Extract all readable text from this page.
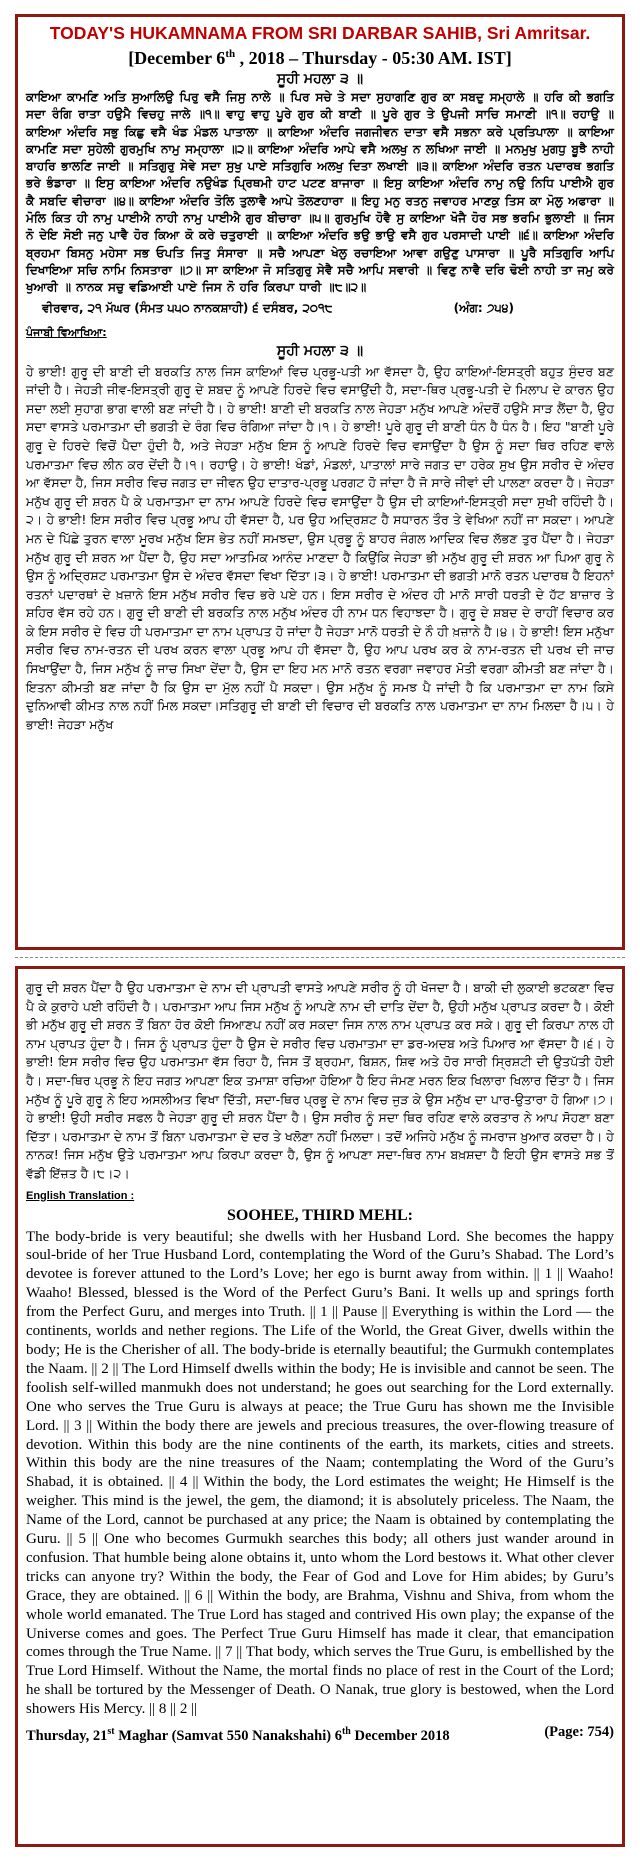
TODAY'S HUKAMNAMA FROM SRI DARBAR SAHIB, Sri Amritsar.
[December 6th , 2018 – Thursday - 05:30 AM. IST]
ਸੂਹੀ ਮਹਲਾ ੩ ॥
ਕਾਇਆ ਕਾਮਣਿ ਅਤਿ ਸੁਆਲਿਉ ਪਿਰੁ ਵਸੈ ਜਿਸੁ ਨਾਲੇ ॥ ਪਿਰ ਸਚੇ ਤੇ ਸਦਾ ਸੁਹਾਗਣਿ ਗੁਰ ਕਾ ਸਬਦੁ ਸਮ੍ਹਾਲੇ ॥ ਹਰਿ ਕੀ ਭਗਤਿ ਸਦਾ ਰੰਗਿ ਰਾਤਾ ਹਉਮੈ ਵਿਚਹੁ ਜਾਲੇ ॥੧॥ ਵਾਹੁ ਵਾਹੁ ਪੂਰੇ ਗੁਰ ਕੀ ਬਾਣੀ ॥ ਪੂਰੇ ਗੁਰ ਤੇ ਉਪਜੀ ਸਾਚਿ ਸਮਾਣੀ ॥੧॥ ਰਹਾਉ ॥ ਕਾਇਆ ਅੰਦਰਿ ਸਭੁ ਕਿਛੁ ਵਸੈ ਖੰਡ ਮੰਡਲ ਪਾਤਾਲਾ ॥ ਕਾਇਆ ਅੰਦਰਿ ਜਗਜੀਵਨ ਦਾਤਾ ਵਸੈ ਸਭਨਾ ਕਰੇ ਪ੍ਰਤਿਪਾਲਾ ॥ ਕਾਇਆ ਕਾਮਣਿ ਸਦਾ ਸੁਹੇਲੀ ਗੁਰਮੁਖਿ ਨਾਮੁ ਸਮ੍ਹਾਲਾ ॥੨॥ ਕਾਇਆ ਅੰਦਰਿ ਆਪੇ ਵਸੈ ਅਲਖੁ ਨ ਲਖਿਆ ਜਾਈ ॥ ਮਨਮੁਖੁ ਮੁਗਧੁ ਬੂਝੈ ਨਾਹੀ ਬਾਹਰਿ ਭਾਲਣਿ ਜਾਈ ॥ ਸਤਿਗੁਰੁ ਸੇਵੇ ਸਦਾ ਸੁਖੁ ਪਾਏ ਸਤਿਗੁਰਿ ਅਲਖੁ ਦਿਤਾ ਲਖਾਈ ॥੩॥ ਕਾਇਆ ਅੰਦਰਿ ਰਤਨ ਪਦਾਰਥ ਭਗਤਿ ਭਰੇ ਭੰਡਾਰਾ ॥ ਇਸੁ ਕਾਇਆ ਅੰਦਰਿ ਨਉਖੰਡ ਪ੍ਰਿਥਮੀ ਹਾਟ ਪਟਣ ਬਾਜਾਰਾ ॥ ਇਸੁ ਕਾਇਆ ਅੰਦਰਿ ਨਾਮੁ ਨਉ ਨਿਧਿ ਪਾਈਐ ਗੁਰ ਕੈ ਸਬਦਿ ਵੀਚਾਰਾ ॥੪॥ ਕਾਇਆ ਅੰਦਰਿ ਤੋਲਿ ਤੁਲਾਵੈ ਆਪੇ ਤੋਲਣਹਾਰਾ ॥ ਇਹੁ ਮਨੁ ਰਤਨੁ ਜਵਾਹਰ ਮਾਣਕੁ ਤਿਸ ਕਾ ਮੋਲੁ ਅਫਾਰਾ ॥ ਮੋਲਿ ਕਿਤ ਹੀ ਨਾਮੁ ਪਾਈਐ ਨਾਹੀ ਨਾਮੁ ਪਾਈਐ ਗੁਰ ਬੀਚਾਰਾ ॥੫॥ ਗੁਰਮੁਖਿ ਹੋਵੈ ਸੁ ਕਾਇਆ ਖੋਜੈ ਹੋਰ ਸਭ ਭਰਮਿ ਭੁਲਾਈ ॥ ਜਿਸ ਨੋ ਦੇਇ ਸੋਈ ਜਨੁ ਪਾਵੈ ਹੋਰ ਕਿਆ ਕੋ ਕਰੇ ਚਤੁਰਾਈ ॥ ਕਾਇਆ ਅੰਦਰਿ ਭਉ ਭਾਉ ਵਸੈ ਗੁਰ ਪਰਸਾਦੀ ਪਾਈ ॥੬॥ ਕਾਇਆ ਅੰਦਰਿ ਬ੍ਰਹਮਾ ਬਿਸਨੁ ਮਹੇਸਾ ਸਭ ਓਪਤਿ ਜਿਤੁ ਸੰਸਾਰਾ ॥ ਸਚੈ ਆਪਣਾ ਖੇਲੁ ਰਚਾਇਆ ਆਵਾ ਗਉਣੁ ਪਾਸਾਰਾ ॥ ਪੂਰੈ ਸਤਿਗੁਰਿ ਆਪਿ ਦਿਖਾਇਆ ਸਚਿ ਨਾਮਿ ਨਿਸਤਾਰਾ ॥੭॥ ਸਾ ਕਾਇਆ ਜੋ ਸਤਿਗੁਰੁ ਸੇਵੈ ਸਚੈ ਆਪਿ ਸਵਾਰੀ ॥ ਵਿਣੁ ਨਾਵੈ ਦਰਿ ਢੋਈ ਨਾਹੀ ਤਾ ਜਮੁ ਕਰੇ ਖੁਆਰੀ ॥ ਨਾਨਕ ਸਚੁ ਵਡਿਆਈ ਪਾਏ ਜਿਸ ਨੋ ਹਰਿ ਕਿਰਪਾ ਧਾਰੀ ॥੮॥੨॥
ਵੀਰਵਾਰ, ੨੧ ਮੱਘਰ (ਸੰਮਤ ੫੫੦ ਨਾਨਕਸ਼ਾਹੀ) ੬ ਦਸੰਬਰ, ੨੦੧੮	(ਅੰਗ: ੭੫੪)
ਪੰਜਾਬੀ ਵਿਆਖਿਆ:
ਸੂਹੀ ਮਹਲਾ ੩ ॥
ਹੇ ਭਾਈ! ਗੁਰੂ ਦੀ ਬਾਣੀ ਦੀ ਬਰਕਤਿ ਨਾਲ ਜਿਸ ਕਾਇਆਂ ਵਿਚ ਪ੍ਰਭੂ-ਪਤੀ ਆ ਵੱਸਦਾ ਹੈ, ਉਹ ਕਾਇਆਂ-ਇਸਤ੍ਰੀ ਬਹੁਤ ਸੁੰਦਰ ਬਣ ਜਾਂਦੀ ਹੈ। ਜੇਹੜੀ ਜੀਵ-ਇਸਤ੍ਰੀ ਗੁਰੂ ਦੇ ਸ਼ਬਦ ਨੂੰ ਆਪਣੇ ਹਿਰਦੇ ਵਿਚ ਵਸਾਉਂਦੀ ਹੈ, ਸਦਾ-ਥਿਰ ਪ੍ਰਭੂ-ਪਤੀ ਦੇ ਮਿਲਾਪ ਦੇ ਕਾਰਨ ਉਹ ਸਦਾ ਲਈ ਸੁਹਾਗ ਭਾਗ ਵਾਲੀ ਬਣ ਜਾਂਦੀ ਹੈ। ਹੇ ਭਾਈ! ਬਾਣੀ ਦੀ ਬਰਕਤਿ ਨਾਲ ਜੇਹੜਾ ਮਨੁੱਖ ਆਪਣੇ ਅੰਦਰੋਂ ਹਉਮੈ ਸਾੜ ਲੈਂਦਾ ਹੈ, ਉਹ ਸਦਾ ਵਾਸਤੇ ਪਰਮਾਤਮਾ ਦੀ ਭਗਤੀ ਦੇ ਰੰਗ ਵਿਚ ਰੰਗਿਆ ਜਾਂਦਾ ਹੈ।੧। ਹੇ ਭਾਈ! ਪੂਰੇ ਗੁਰੂ ਦੀ ਬਾਣੀ ਧੰਨ ਹੈ ਧੰਨ ਹੈ। ਇਹ "ਬਾਣੀ ਪੂਰੇ ਗੁਰੂ ਦੇ ਹਿਰਦੇ ਵਿਚੋਂ ਪੈਦਾ ਹੁੰਦੀ ਹੈ, ਅਤੇ ਜੇਹੜਾ ਮਨੁੱਖ ਇਸ ਨੂੰ ਆਪਣੇ ਹਿਰਦੇ ਵਿਚ ਵਸਾਉਂਦਾ ਹੈ ਉਸ ਨੂੰ ਸਦਾ ਥਿਰ ਰਹਿਣ ਵਾਲੇ ਪਰਮਾਤਮਾ ਵਿਚ ਲੀਨ ਕਰ ਦੇਂਦੀ ਹੈ।੧। ਰਹਾਉ। ਹੇ ਭਾਈ! ਖੰਡਾਂ, ਮੰਡਲਾਂ, ਪਾਤਾਲਾਂ ਸਾਰੇ ਜਗਤ ਦਾ ਹਰੇਕ ਸੁਖ ਉਸ ਸਰੀਰ ਦੇ ਅੰਦਰ ਆ ਵੱਸਦਾ ਹੈ, ਜਿਸ ਸਰੀਰ ਵਿਚ ਜਗਤ ਦਾ ਜੀਵਨ ਉਹ ਦਾਤਾਰ-ਪ੍ਰਭੂ ਪਰਗਟ ਹੋ ਜਾਂਦਾ ਹੈ ਜੋ ਸਾਰੇ ਜੀਵਾਂ ਦੀ ਪਾਲਣਾ ਕਰਦਾ ਹੈ। ਜੇਹੜਾ ਮਨੁੱਖ ਗੁਰੂ ਦੀ ਸ਼ਰਨ ਪੈ ਕੇ ਪਰਮਾਤਮਾ ਦਾ ਨਾਮ ਆਪਣੇ ਹਿਰਦੇ ਵਿਚ ਵਸਾਉਂਦਾ ਹੈ ਉਸ ਦੀ ਕਾਇਆਂ-ਇਸਤ੍ਰੀ ਸਦਾ ਸੁਖੀ ਰਹਿੰਦੀ ਹੈ।੨। ਹੇ ਭਾਈ! ਇਸ ਸਰੀਰ ਵਿਚ ਪ੍ਰਭੂ ਆਪ ਹੀ ਵੱਸਦਾ ਹੈ, ਪਰ ਉਹ ਅਦ੍ਰਿਸ਼ਟ ਹੈ ਸਧਾਰਨ ਤੌਰ ਤੇ ਵੇਖਿਆ ਨਹੀਂ ਜਾ ਸਕਦਾ। ਆਪਣੇ ਮਨ ਦੇ ਪਿੱਛੇ ਤੁਰਨ ਵਾਲਾ ਮੂਰਖ ਮਨੁੱਖ ਇਸ ਭੇਤ ਨਹੀਂ ਸਮਝਦਾ, ਉਸ ਪ੍ਰਭੂ ਨੂੰ ਬਾਹਰ ਜੰਗਲ ਆਦਿਕ ਵਿਚ ਲੱਭਣ ਤੁਰ ਪੈਂਦਾ ਹੈ। ਜੇਹੜਾ ਮਨੁੱਖ ਗੁਰੂ ਦੀ ਸ਼ਰਨ ਆ ਪੈਂਦਾ ਹੈ, ਉਹ ਸਦਾ ਆਤਮਿਕ ਆਨੰਦ ਮਾਣਦਾ ਹੈ ਕਿਉਂਕਿ ਜੇਹੜਾ ਭੀ ਮਨੁੱਖ ਗੁਰੂ ਦੀ ਸ਼ਰਨ ਆ ਪਿਆ ਗੁਰੂ ਨੇ ਉਸ ਨੂੰ ਅਦ੍ਰਿਸ਼ਟ ਪਰਮਾਤਮਾ ਉਸ ਦੇ ਅੰਦਰ ਵੱਸਦਾ ਵਿਖਾ ਦਿੱਤਾ।੩। ਹੇ ਭਾਈ! ਪਰਮਾਤਮਾ ਦੀ ਭਗਤੀ ਮਾਨੋ ਰਤਨ ਪਦਾਰਥ ਹੈ ਇਹਨਾਂ ਰਤਨਾਂ ਪਦਾਰਥਾਂ ਦੇ ਖ਼ਜ਼ਾਨੇ ਇਸ ਮਨੁੱਖ ਸਰੀਰ ਵਿਚ ਭਰੇ ਪਏ ਹਨ। ਇਸ ਸਰੀਰ ਦੇ ਅੰਦਰ ਹੀ ਮਾਨੋ ਸਾਰੀ ਧਰਤੀ ਦੇ ਹੱਟ ਬਾਜ਼ਾਰ ਤੇ ਸ਼ਹਿਰ ਵੱਸ ਰਹੇ ਹਨ। ਗੁਰੂ ਦੀ ਬਾਣੀ ਦੀ ਬਰਕਤਿ ਨਾਲ ਮਨੁੱਖ ਅੰਦਰ ਹੀ ਨਾਮ ਧਨ ਵਿਹਾਝਦਾ ਹੈ। ਗੁਰੂ ਦੇ ਸ਼ਬਦ ਦੇ ਰਾਹੀਂ ਵਿਚਾਰ ਕਰ ਕੇ ਇਸ ਸਰੀਰ ਦੇ ਵਿਚ ਹੀ ਪਰਮਾਤਮਾ ਦਾ ਨਾਮ ਪ੍ਰਾਪਤ ਹੋ ਜਾਂਦਾ ਹੈ ਜੇਹੜਾ ਮਾਨੋ ਧਰਤੀ ਦੇ ਨੌ ਹੀ ਖ਼ਜ਼ਾਨੇ ਹੈ।੪। ਹੇ ਭਾਈ! ਇਸ ਮਨੁੱਖਾ ਸਰੀਰ ਵਿਚ ਨਾਮ-ਰਤਨ ਦੀ ਪਰਖ ਕਰਨ ਵਾਲਾ ਪ੍ਰਭੂ ਆਪ ਹੀ ਵੱਸਦਾ ਹੈ, ਉਹ ਆਪ ਪਰਖ ਕਰ ਕੇ ਨਾਮ-ਰਤਨ ਦੀ ਪਰਖ ਦੀ ਜਾਚ ਸਿਖਾਉਂਦਾ ਹੈ, ਜਿਸ ਮਨੁੱਖ ਨੂੰ ਜਾਚ ਸਿਖਾ ਦੇਂਦਾ ਹੈ, ਉਸ ਦਾ ਇਹ ਮਨ ਮਾਨੋ ਰਤਨ ਵਰਗਾ ਜਵਾਹਰ ਮੋਤੀ ਵਰਗਾ ਕੀਮਤੀ ਬਣ ਜਾਂਦਾ ਹੈ। ਇਤਨਾ ਕੀਮਤੀ ਬਣ ਜਾਂਦਾ ਹੈ ਕਿ ਉਸ ਦਾ ਮੁੱਲ ਨਹੀਂ ਪੈ ਸਕਦਾ। ਉਸ ਮਨੁੱਖ ਨੂੰ ਸਮਝ ਪੈ ਜਾਂਦੀ ਹੈ ਕਿ ਪਰਮਾਤਮਾ ਦਾ ਨਾਮ ਕਿਸੇ ਦੁਨਿਆਵੀ ਕੀਮਤ ਨਾਲ ਨਹੀਂ ਮਿਲ ਸਕਦਾ।ਸਤਿਗੁਰੂ ਦੀ ਬਾਣੀ ਦੀ ਵਿਚਾਰ ਦੀ ਬਰਕਤਿ ਨਾਲ ਪਰਮਾਤਮਾ ਦਾ ਨਾਮ ਮਿਲਦਾ ਹੈ।੫। ਹੇ ਭਾਈ! ਜੇਹੜਾ ਮਨੁੱਖ
ਗੁਰੂ ਦੀ ਸ਼ਰਨ ਪੈਂਦਾ ਹੈ ਉਹ ਪਰਮਾਤਮਾ ਦੇ ਨਾਮ ਦੀ ਪ੍ਰਾਪਤੀ ਵਾਸਤੇ ਆਪਣੇ ਸਰੀਰ ਨੂੰ ਹੀ ਖੋਜਦਾ ਹੈ। ਬਾਕੀ ਦੀ ਲੁਕਾਈ ਭਟਕਣਾ ਵਿਚ ਪੈ ਕੇ ਕੁਰਾਹੇ ਪਈ ਰਹਿੰਦੀ ਹੈ। ਪਰਮਾਤਮਾ ਆਪ ਜਿਸ ਮਨੁੱਖ ਨੂੰ ਆਪਣੇ ਨਾਮ ਦੀ ਦਾਤਿ ਦੇਂਦਾ ਹੈ, ਉਹੀ ਮਨੁੱਖ ਪ੍ਰਾਪਤ ਕਰਦਾ ਹੈ। ਕੋਈ ਭੀ ਮਨੁੱਖ ਗੁਰੂ ਦੀ ਸ਼ਰਨ ਤੋਂ ਬਿਨਾ ਹੋਰ ਕੋਈ ਸਿਆਣਪ ਨਹੀਂ ਕਰ ਸਕਦਾ ਜਿਸ ਨਾਲ ਨਾਮ ਪ੍ਰਾਪਤ ਕਰ ਸਕੇ। ਗੁਰੂ ਦੀ ਕਿਰਪਾ ਨਾਲ ਹੀ ਨਾਮ ਪ੍ਰਾਪਤ ਹੁੰਦਾ ਹੈ। ਜਿਸ ਨੂੰ ਪ੍ਰਾਪਤ ਹੁੰਦਾ ਹੈ ਉਸ ਦੇ ਸਰੀਰ ਵਿਚ ਪਰਮਾਤਮਾ ਦਾ ਡਰ-ਅਦਬ ਅਤੇ ਪਿਆਰ ਆ ਵੱਸਦਾ ਹੈ।੬। ਹੇ ਭਾਈ! ਇਸ ਸਰੀਰ ਵਿਚ ਉਹ ਪਰਮਾਤਮਾ ਵੱਸ ਰਿਹਾ ਹੈ, ਜਿਸ ਤੋਂ ਬ੍ਰਹਮਾ, ਬਿਸ਼ਨ, ਸ਼ਿਵ ਅਤੇ ਹੋਰ ਸਾਰੀ ਸ੍ਰਿਸ਼ਟੀ ਦੀ ਉਤਪੱਤੀ ਹੋਈ ਹੈ। ਸਦਾ-ਥਿਰ ਪ੍ਰਭੂ ਨੇ ਇਹ ਜਗਤ ਆਪਣਾ ਇਕ ਤਮਾਸ਼ਾ ਰਚਿਆ ਹੋਇਆ ਹੈ ਇਹ ਜੰਮਣ ਮਰਨ ਇਕ ਖਿਲਾਰਾ ਖਿਲਾਰ ਦਿੱਤਾ ਹੈ। ਜਿਸ ਮਨੁੱਖ ਨੂੰ ਪੂਰੇ ਗੁਰੂ ਨੇ ਇਹ ਅਸਲੀਅਤ ਵਿਖਾ ਦਿੱਤੀ, ਸਦਾ-ਥਿਰ ਪ੍ਰਭੂ ਦੇ ਨਾਮ ਵਿਚ ਜੁੜ ਕੇ ਉਸ ਮਨੁੱਖ ਦਾ ਪਾਰ-ਉਤਾਰਾ ਹੋ ਗਿਆ।੭। ਹੇ ਭਾਈ! ਉਹੀ ਸਰੀਰ ਸਫਲ ਹੈ ਜੇਹੜਾ ਗੁਰੂ ਦੀ ਸ਼ਰਨ ਪੈਂਦਾ ਹੈ। ਉਸ ਸਰੀਰ ਨੂੰ ਸਦਾ ਥਿਰ ਰਹਿਣ ਵਾਲੇ ਕਰਤਾਰ ਨੇ ਆਪ ਸੋਹਣਾ ਬਣਾ ਦਿੱਤਾ। ਪਰਮਾਤਮਾ ਦੇ ਨਾਮ ਤੋਂ ਬਿਨਾ ਪਰਮਾਤਮਾ ਦੇ ਦਰ ਤੇ ਖਲੋਣਾ ਨਹੀਂ ਮਿਲਦਾ। ਤਦੋਂ ਅਜਿਹੇ ਮਨੁੱਖ ਨੂੰ ਜਮਰਾਜ ਖ਼ੁਆਰ ਕਰਦਾ ਹੈ। ਹੇ ਨਾਨਕ! ਜਿਸ ਮਨੁੱਖ ਉਤੇ ਪਰਮਾਤਮਾ ਆਪ ਕਿਰਪਾ ਕਰਦਾ ਹੈ, ਉਸ ਨੂੰ ਆਪਣਾ ਸਦਾ-ਥਿਰ ਨਾਮ ਬਖ਼ਸ਼ਦਾ ਹੈ ਇਹੀ ਉਸ ਵਾਸਤੇ ਸਭ ਤੋਂ ਵੱਡੀ ਇੱਜ਼ਤ ਹੈ।੮।੨।
English Translation :
SOOHEE, THIRD MEHL:
The body-bride is very beautiful; she dwells with her Husband Lord. She becomes the happy soul-bride of her True Husband Lord, contemplating the Word of the Guru’s Shabad. The Lord’s devotee is forever attuned to the Lord’s Love; her ego is burnt away from within. || 1 || Waaho! Waaho! Blessed, blessed is the Word of the Perfect Guru’s Bani. It wells up and springs forth from the Perfect Guru, and merges into Truth. || 1 || Pause || Everything is within the Lord — the continents, worlds and nether regions. The Life of the World, the Great Giver, dwells within the body; He is the Cherisher of all. The body-bride is eternally beautiful; the Gurmukh contemplates the Naam. || 2 || The Lord Himself dwells within the body; He is invisible and cannot be seen. The foolish self-willed manmukh does not understand; he goes out searching for the Lord externally. One who serves the True Guru is always at peace; the True Guru has shown me the Invisible Lord. || 3 || Within the body there are jewels and precious treasures, the over-flowing treasure of devotion. Within this body are the nine continents of the earth, its markets, cities and streets. Within this body are the nine treasures of the Naam; contemplating the Word of the Guru’s Shabad, it is obtained. || 4 || Within the body, the Lord estimates the weight; He Himself is the weigher. This mind is the jewel, the gem, the diamond; it is absolutely priceless. The Naam, the Name of the Lord, cannot be purchased at any price; the Naam is obtained by contemplating the Guru. || 5 || One who becomes Gurmukh searches this body; all others just wander around in confusion. That humble being alone obtains it, unto whom the Lord bestows it. What other clever tricks can anyone try? Within the body, the Fear of God and Love for Him abides; by Guru’s Grace, they are obtained. || 6 || Within the body, are Brahma, Vishnu and Shiva, from whom the whole world emanated. The True Lord has staged and contrived His own play; the expanse of the Universe comes and goes. The Perfect True Guru Himself has made it clear, that emancipation comes through the True Name. || 7 || That body, which serves the True Guru, is embellished by the True Lord Himself. Without the Name, the mortal finds no place of rest in the Court of the Lord; he shall be tortured by the Messenger of Death. O Nanak, true glory is bestowed, when the Lord showers His Mercy. || 8 || 2 ||
Thursday, 21st Maghar (Samvat 550 Nanakshahi) 6th December 2018	(Page: 754)
